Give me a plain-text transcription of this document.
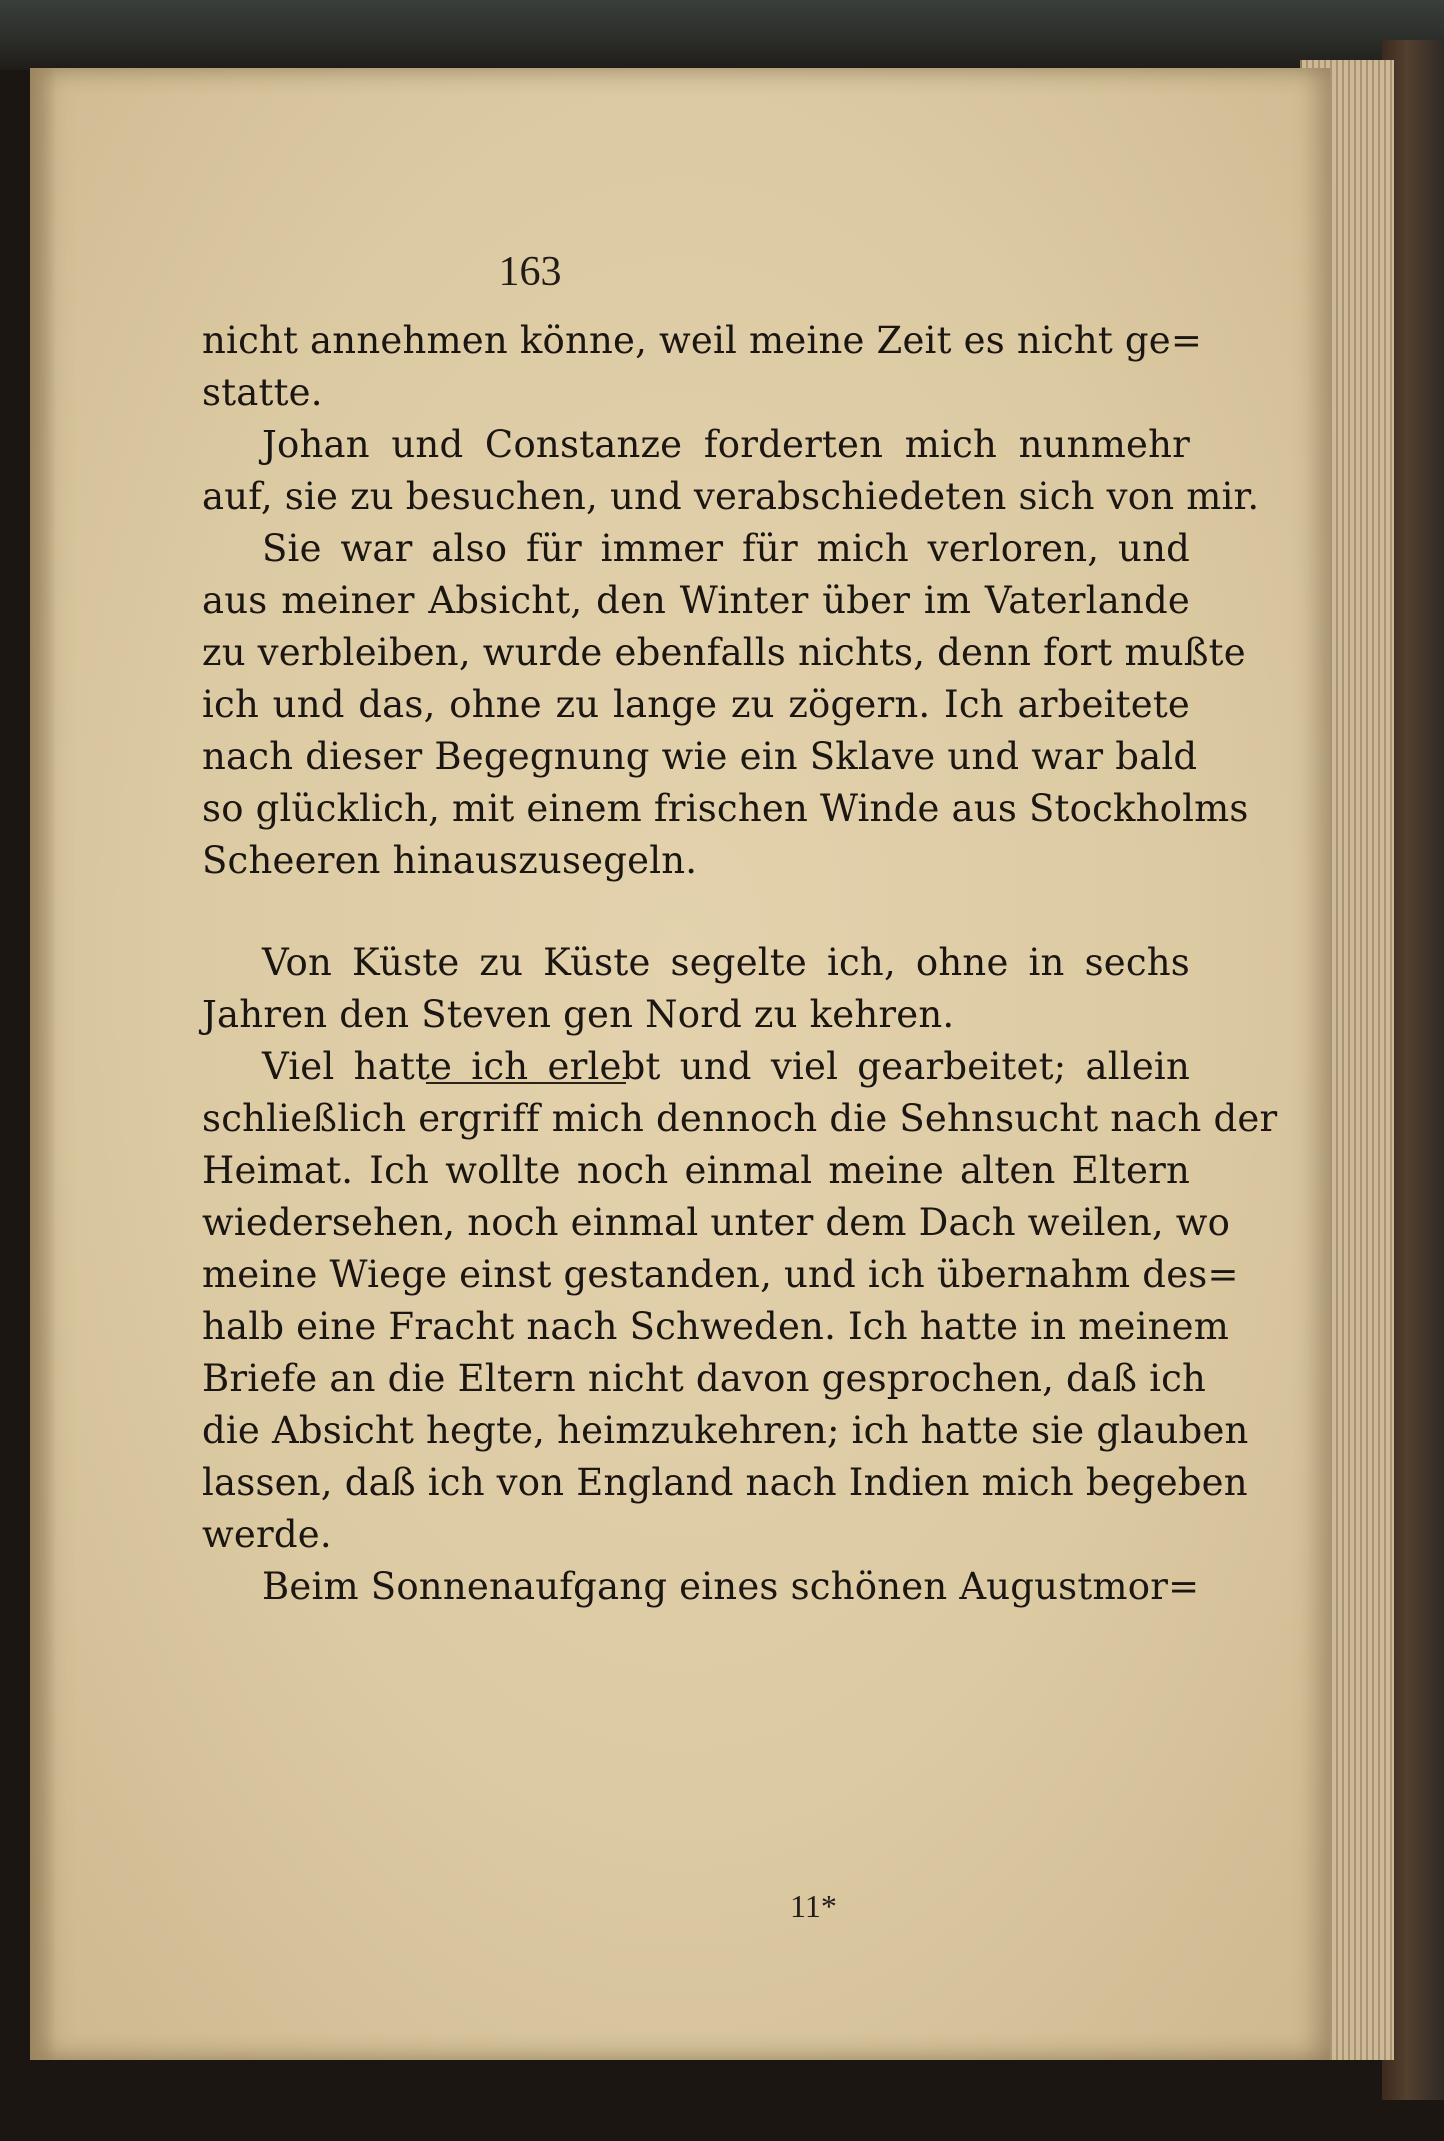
163
nicht annehmen könne, weil meine Zeit es nicht ge=
statte.
Johan und Constanze forderten mich nunmehr
auf, sie zu besuchen, und verabschiedeten sich von mir.
Sie war also für immer für mich verloren, und
aus meiner Absicht, den Winter über im Vaterlande
zu verbleiben, wurde ebenfalls nichts, denn fort mußte
ich und das, ohne zu lange zu zögern. Ich arbeitete
nach dieser Begegnung wie ein Sklave und war bald
so glücklich, mit einem frischen Winde aus Stockholms
Scheeren hinauszusegeln.
Von Küste zu Küste segelte ich, ohne in sechs
Jahren den Steven gen Nord zu kehren.
Viel hatte ich erlebt und viel gearbeitet; allein
schließlich ergriff mich dennoch die Sehnsucht nach der
Heimat. Ich wollte noch einmal meine alten Eltern
wiedersehen, noch einmal unter dem Dach weilen, wo
meine Wiege einst gestanden, und ich übernahm des=
halb eine Fracht nach Schweden. Ich hatte in meinem
Briefe an die Eltern nicht davon gesprochen, daß ich
die Absicht hegte, heimzukehren; ich hatte sie glauben
lassen, daß ich von England nach Indien mich begeben
werde.
Beim Sonnenaufgang eines schönen Augustmor=
11*
